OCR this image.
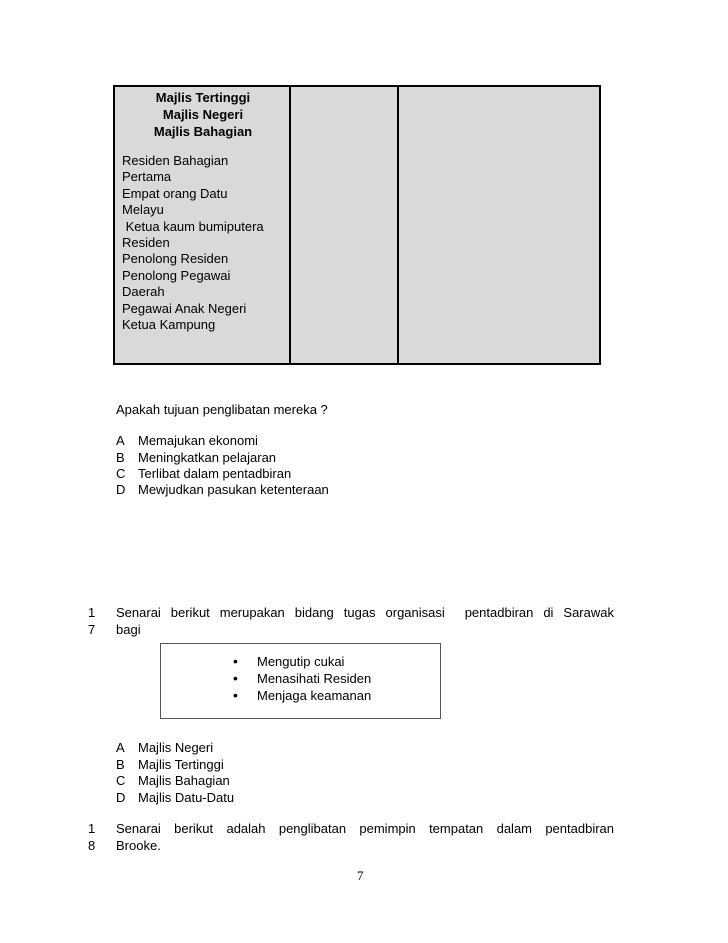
Majlis Tertinggi
Majlis Negeri
Majlis Bahagian
Residen Bahagian
Pertama
Empat orang Datu
Melayu
Ketua kaum bumiputera
Residen
Penolong Residen
Penolong Pegawai
Daerah
Pegawai Anak Negeri
Ketua Kampung
Apakah tujuan penglibatan mereka ?
A Memajukan ekonomi
B Meningkatkan pelajaran
C Terlibat dalam pentadbiran
D Mewjudkan pasukan ketenteraan
1
7
Senarai berikut merupakan bidang tugas organisasi  pentadbiran di Sarawak
bagi
• Mengutip cukai
• Menasihati Residen
• Menjaga keamanan
A Majlis Negeri
B Majlis Tertinggi
C Majlis Bahagian
D Majlis Datu-Datu
1
8
Senarai berikut adalah penglibatan pemimpin tempatan dalam pentadbiran
Brooke.
7
